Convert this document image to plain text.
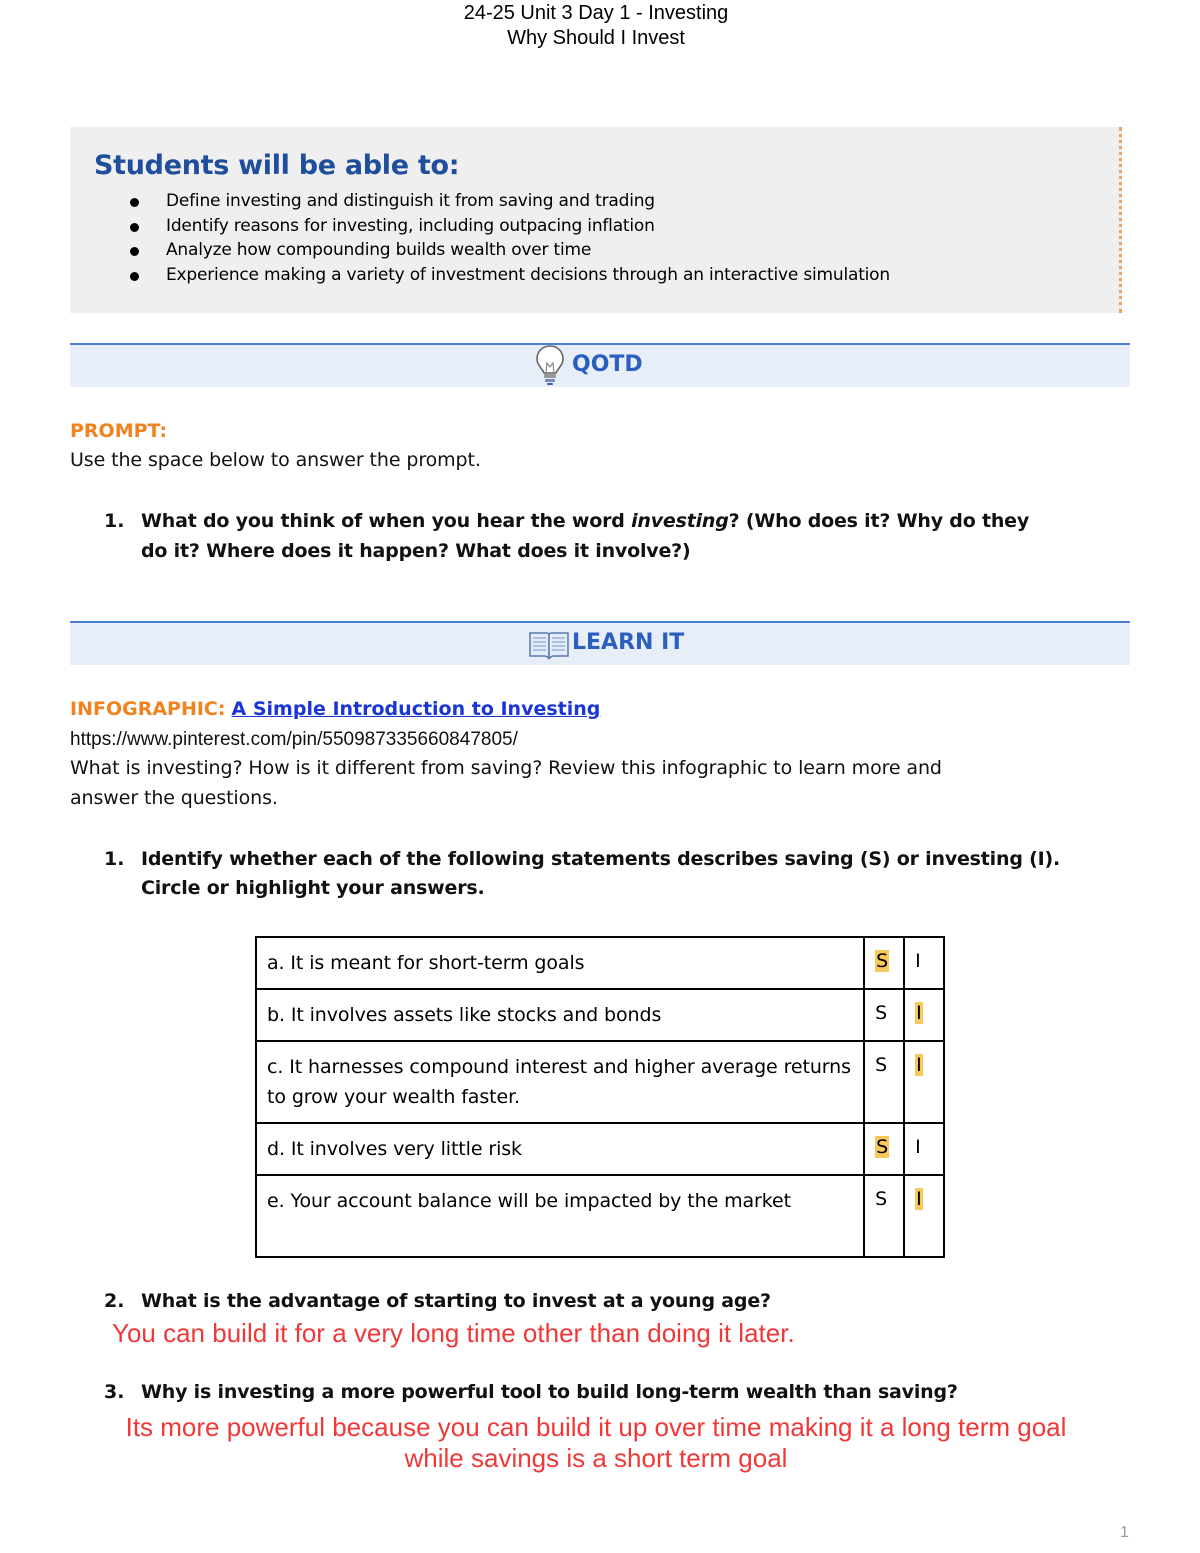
24-25 Unit 3 Day 1 - Investing
Why Should I Invest
Students will be able to:
Define investing and distinguish it from saving and trading
Identify reasons for investing, including outpacing inflation
Analyze how compounding builds wealth over time
Experience making a variety of investment decisions through an interactive simulation
QOTD
PROMPT:
Use the space below to answer the prompt.
1. What do you think of when you hear the word investing? (Who does it? Why do they
do it? Where does it happen? What does it involve?)
LEARN IT
INFOGRAPHIC: A Simple Introduction to Investing
https://www.pinterest.com/pin/550987335660847805/
What is investing? How is it different from saving? Review this infographic to learn more and
answer the questions.
1. Identify whether each of the following statements describes saving (S) or investing (I).
Circle or highlight your answers.
a. It is meant for short-term goals	S	I
b. It involves assets like stocks and bonds	S	I
c. It harnesses compound interest and higher average returns to grow your wealth faster.	S	I
d. It involves very little risk	S	I
e. Your account balance will be impacted by the market	S	I
2. What is the advantage of starting to invest at a young age?
You can build it for a very long time other than doing it later.
3. Why is investing a more powerful tool to build long-term wealth than saving?
Its more powerful because you can build it up over time making it a long term goal
while savings is a short term goal
1
